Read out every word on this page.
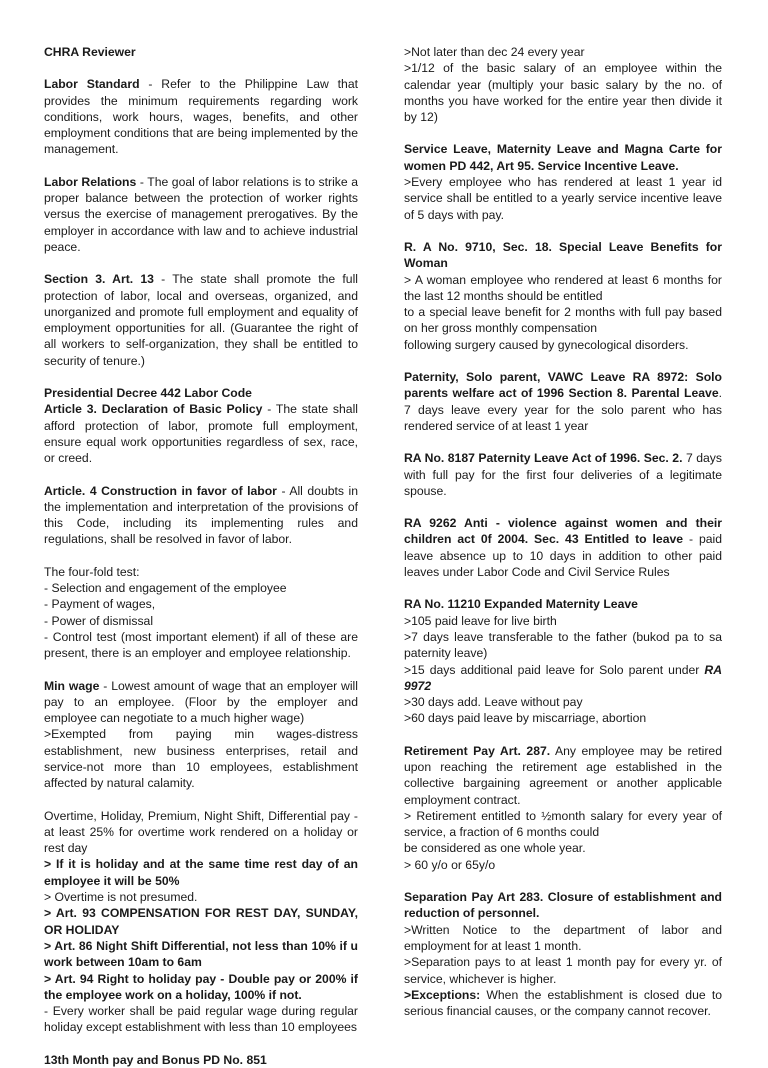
CHRA Reviewer

Labor Standard - Refer to the Philippine Law that provides the minimum requirements regarding work conditions, work hours, wages, benefits, and other employment conditions that are being implemented by the management.

Labor Relations - The goal of labor relations is to strike a proper balance between the protection of worker rights versus the exercise of management prerogatives. By the employer in accordance with law and to achieve industrial peace.

Section 3. Art. 13 - The state shall promote the full protection of labor, local and overseas, organized, and unorganized and promote full employment and equality of employment opportunities for all. (Guarantee the right of all workers to self-organization, they shall be entitled to security of tenure.)

Presidential Decree 442 Labor Code

Article 3. Declaration of Basic Policy - The state shall afford protection of labor, promote full employment, ensure equal work opportunities regardless of sex, race, or creed.

Article. 4 Construction in favor of labor - All doubts in the implementation and interpretation of the provisions of this Code, including its implementing rules and regulations, shall be resolved in favor of labor.

The four-fold test:

- Selection and engagement of the employee

- Payment of wages,

- Power of dismissal

- Control test (most important element) if all of these are present, there is an employer and employee relationship.

Min wage - Lowest amount of wage that an employer will pay to an employee. (Floor by the employer and employee can negotiate to a much higher wage)

>Exempted from paying min wages-distress establishment, new business enterprises, retail and service-not more than 10 employees, establishment affected by natural calamity.

Overtime, Holiday, Premium, Night Shift, Differential pay - at least 25% for overtime work rendered on a holiday or rest day

> If it is holiday and at the same time rest day of an employee it will be 50%

> Overtime is not presumed.

> Art. 93 COMPENSATION FOR REST DAY, SUNDAY, OR HOLIDAY

> Art. 86 Night Shift Differential, not less than 10% if u work between 10am to 6am

> Art. 94 Right to holiday pay - Double pay or 200% if the employee work on a holiday, 100% if not.

- Every worker shall be paid regular wage during regular holiday except establishment with less than 10 employees

13th Month pay and Bonus PD No. 851

>Not later than dec 24 every year

>1/12 of the basic salary of an employee within the calendar year (multiply your basic salary by the no. of months you have worked for the entire year then divide it by 12)

Service Leave, Maternity Leave and Magna Carte for women PD 442, Art 95. Service Incentive Leave.

>Every employee who has rendered at least 1 year id service shall be entitled to a yearly service incentive leave of 5 days with pay.

R. A No. 9710, Sec. 18. Special Leave Benefits for Woman

> A woman employee who rendered at least 6 months for the last 12 months should be entitled

to a special leave benefit for 2 months with full pay based on her gross monthly compensation

following surgery caused by gynecological disorders.

Paternity, Solo parent, VAWC Leave RA 8972: Solo parents welfare act of 1996 Section 8. Parental Leave. 7 days leave every year for the solo parent who has rendered service of at least 1 year

RA No. 8187 Paternity Leave Act of 1996. Sec. 2. 7 days with full pay for the first four deliveries of a legitimate spouse.

RA 9262 Anti - violence against women and their children act 0f 2004. Sec. 43 Entitled to leave - paid leave absence up to 10 days in addition to other paid leaves under Labor Code and Civil Service Rules

RA No. 11210 Expanded Maternity Leave

>105 paid leave for live birth

>7 days leave transferable to the father (bukod pa to sa paternity leave)

>15 days additional paid leave for Solo parent under RA 9972

>30 days add. Leave without pay

>60 days paid leave by miscarriage, abortion

Retirement Pay Art. 287. Any employee may be retired upon reaching the retirement age established in the collective bargaining agreement or another applicable employment contract.

> Retirement entitled to ½month salary for every year of service, a fraction of 6 months could

be considered as one whole year.

> 60 y/o or 65y/o

Separation Pay Art 283. Closure of establishment and reduction of personnel.

>Written Notice to the department of labor and employment for at least 1 month.

>Separation pays to at least 1 month pay for every yr. of service, whichever is higher.

>Exceptions: When the establishment is closed due to serious financial causes, or the company cannot recover.
